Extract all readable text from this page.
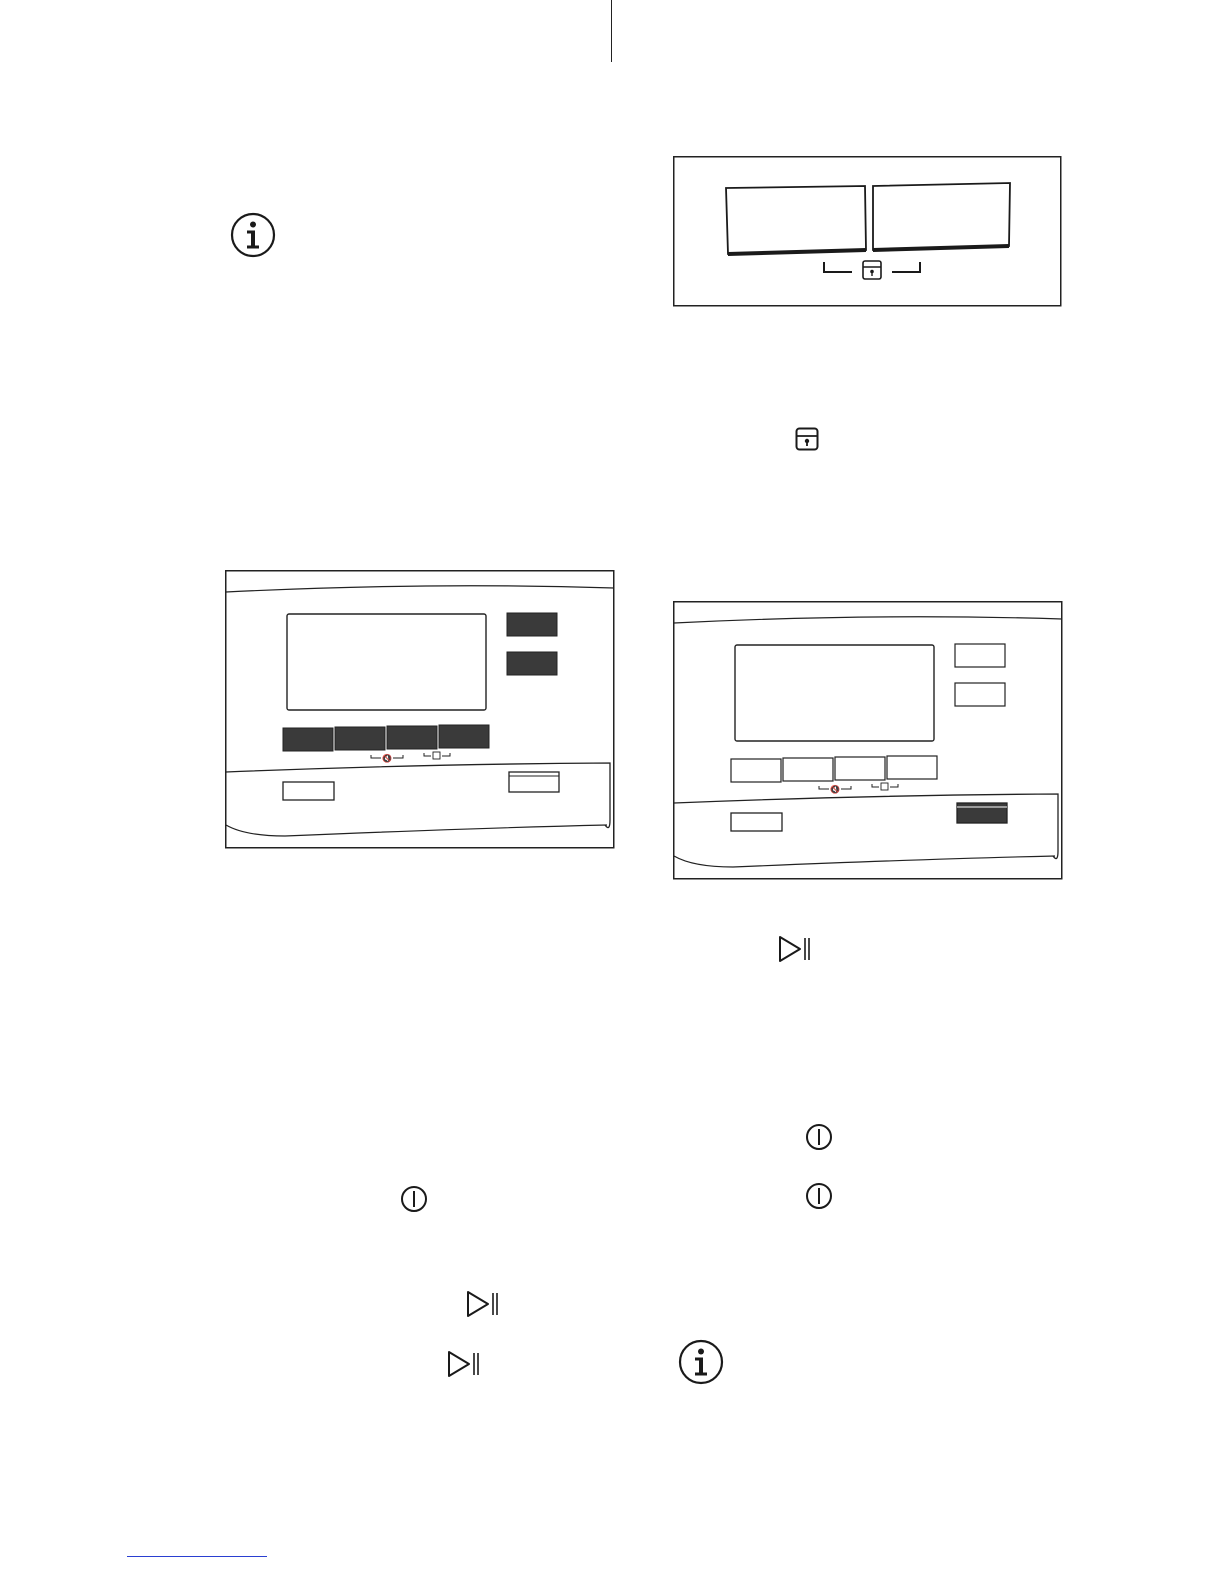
🔇
🔇
